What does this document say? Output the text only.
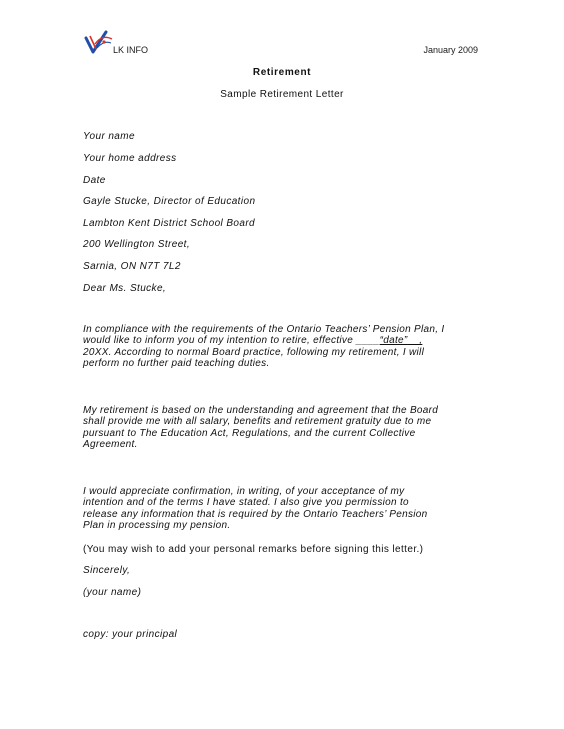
LK INFO	January 2009
Retirement
Sample Retirement Letter
Your name
Your home address
Date
Gayle Stucke, Director of Education
Lambton Kent District School Board
200 Wellington Street,
Sarnia, ON N7T 7L2
Dear Ms. Stucke,
In compliance with the requirements of the Ontario Teachers’ Pension Plan, I
would like to inform you of my intention to retire, effective ____“date”__,
20XX. According to normal Board practice, following my retirement, I will
perform no further paid teaching duties.
My retirement is based on the understanding and agreement that the Board
shall provide me with all salary, benefits and retirement gratuity due to me
pursuant to The Education Act, Regulations, and the current Collective
Agreement.
I would appreciate confirmation, in writing, of your acceptance of my
intention and of the terms I have stated. I also give you permission to
release any information that is required by the Ontario Teachers’ Pension
Plan in processing my pension.
(You may wish to add your personal remarks before signing this letter.)
Sincerely,
(your name)
copy: your principal
